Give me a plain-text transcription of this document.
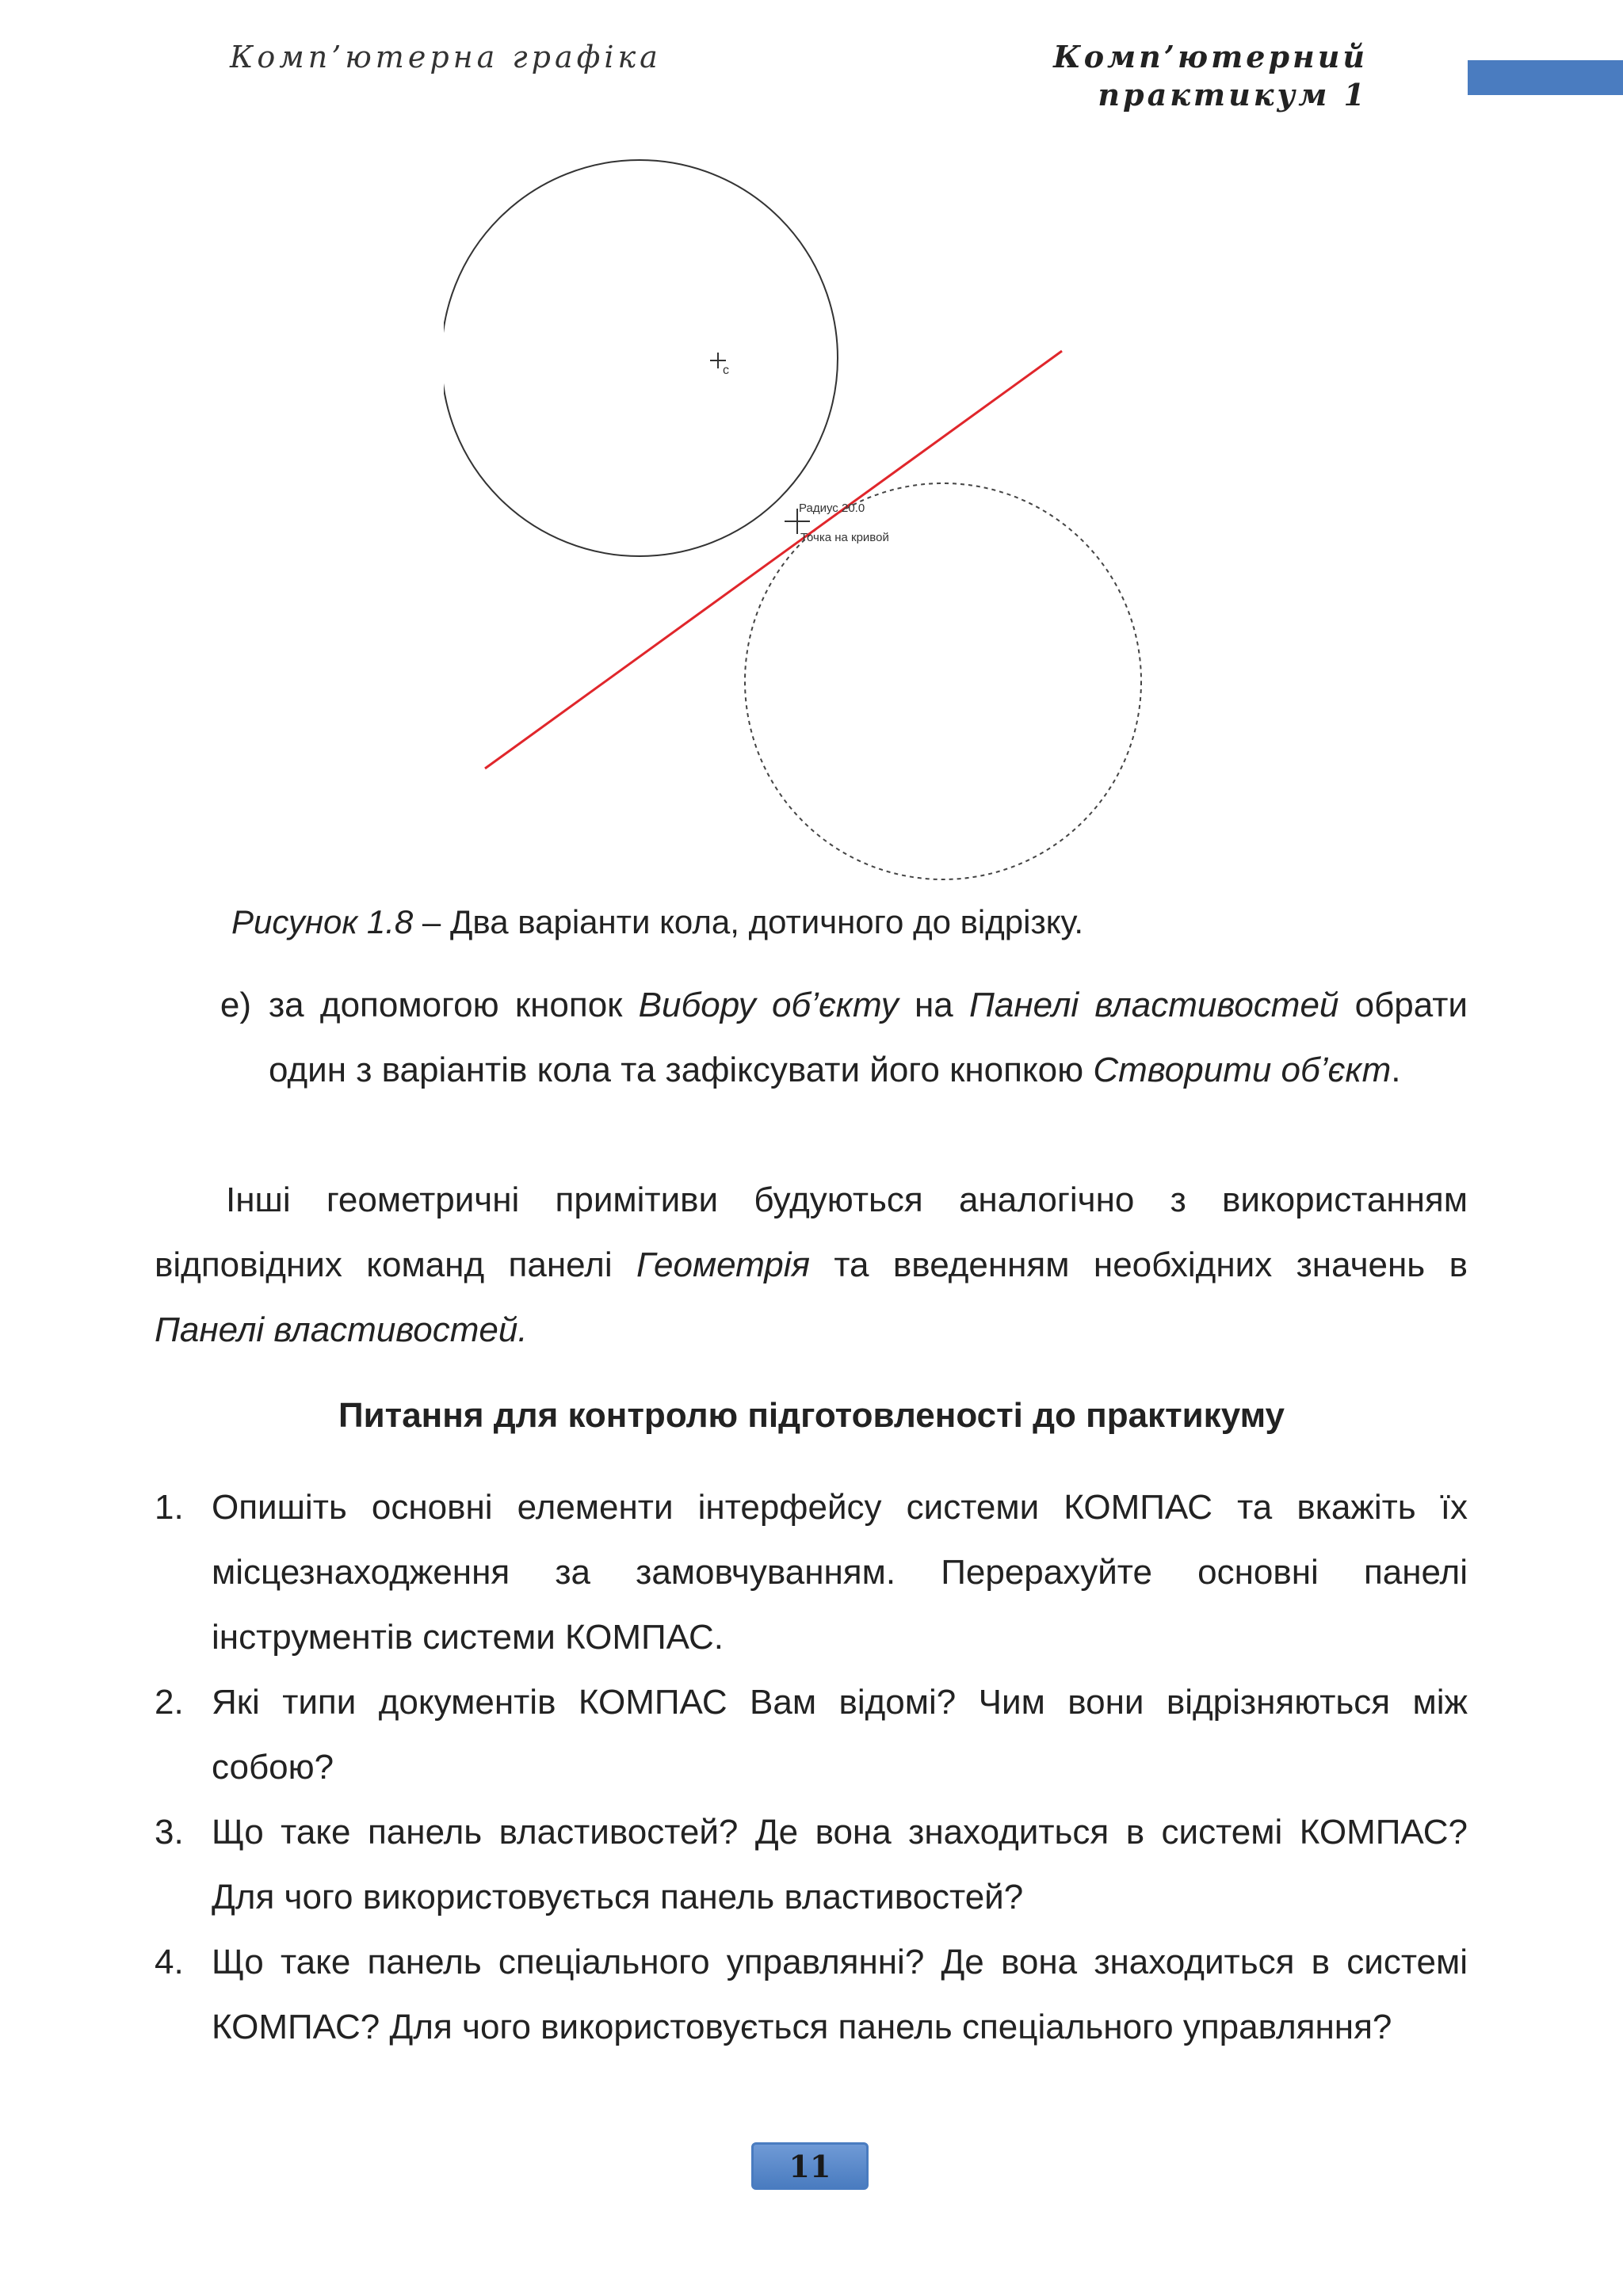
Комп’ютерна графіка	Комп’ютерний
практикум 1
c
Радиус 20.0
Точка на кривой
Рисунок 1.8 – Два варіанти кола, дотичного до відрізку.
е) за допомогою кнопок Вибору об’єкту на Панелі властивостей обрати один з варіантів кола та зафіксувати його кнопкою Створити об’єкт.
Інші геометричні примітиви будуються аналогічно з використанням відповідних команд панелі Геометрія та введенням необхідних значень в Панелі властивостей.
Питання для контролю підготовленості до практикуму
1. Опишіть основні елементи інтерфейсу системи КОМПАС та вкажіть їх місцезнаходження за замовчуванням. Перерахуйте основні панелі інструментів системи КОМПАС.
2. Які типи документів КОМПАС Вам відомі? Чим вони відрізняються між собою?
3. Що таке панель властивостей? Де вона знаходиться в системі КОМПАС? Для чого використовується панель властивостей?
4. Що таке панель спеціального управлянні? Де вона знаходиться в системі КОМПАС? Для чого використовується панель спеціального управляння?
11
